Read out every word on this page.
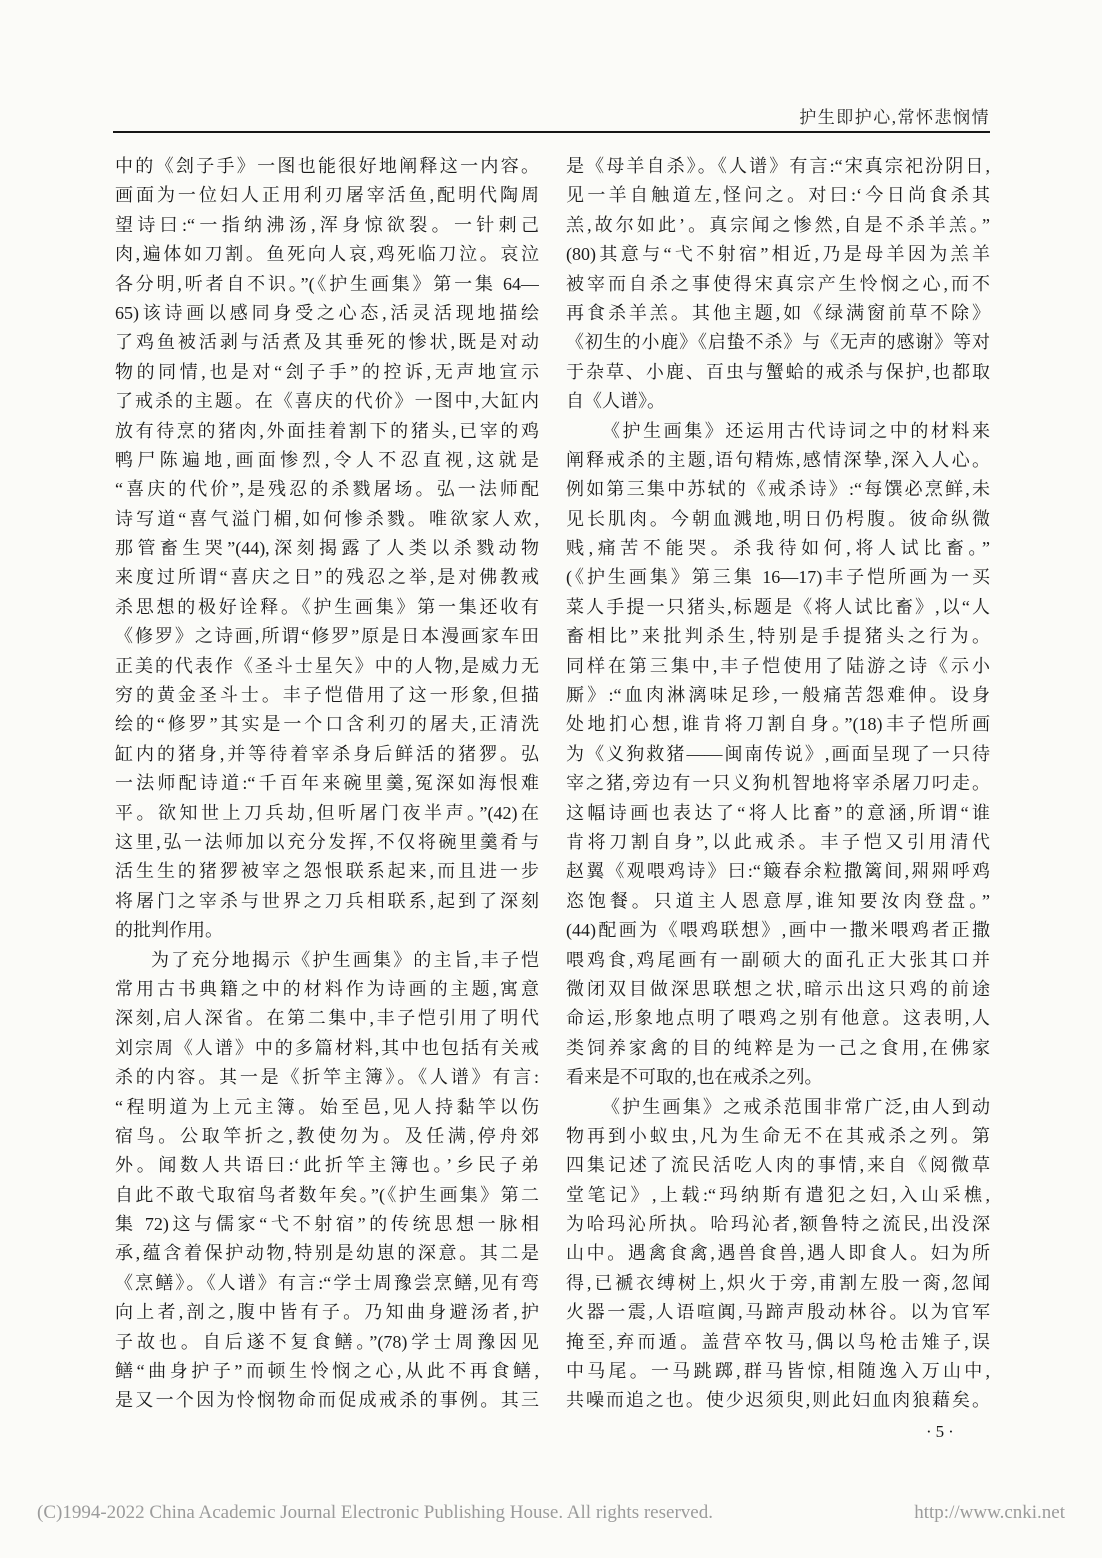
护生即护心,常怀悲悯情
中的《刽子手》一图也能很好地阐释这一内容。
画面为一位妇人正用利刃屠宰活鱼,配明代陶周
望诗曰:“一指纳沸汤,浑身惊欲裂。一针刺己
肉,遍体如刀割。鱼死向人哀,鸡死临刀泣。哀泣
各分明,听者自不识。”(《护生画集》第一集 64—
65)该诗画以感同身受之心态,活灵活现地描绘
了鸡鱼被活剥与活煮及其垂死的惨状,既是对动
物的同情,也是对“刽子手”的控诉,无声地宣示
了戒杀的主题。在《喜庆的代价》一图中,大缸内
放有待烹的猪肉,外面挂着割下的猪头,已宰的鸡
鸭尸陈遍地,画面惨烈,令人不忍直视,这就是
“喜庆的代价”,是残忍的杀戮屠场。弘一法师配
诗写道“喜气溢门楣,如何惨杀戮。唯欲家人欢,
那管畜生哭”(44),深刻揭露了人类以杀戮动物
来度过所谓“喜庆之日”的残忍之举,是对佛教戒
杀思想的极好诠释。《护生画集》第一集还收有
《修罗》之诗画,所谓“修罗”原是日本漫画家车田
正美的代表作《圣斗士星矢》中的人物,是威力无
穷的黄金圣斗士。丰子恺借用了这一形象,但描
绘的“修罗”其实是一个口含利刃的屠夫,正清洗
缸内的猪身,并等待着宰杀身后鲜活的猪猡。弘
一法师配诗道:“千百年来碗里羹,冤深如海恨难
平。欲知世上刀兵劫,但听屠门夜半声。”(42)在
这里,弘一法师加以充分发挥,不仅将碗里羹肴与
活生生的猪猡被宰之怨恨联系起来,而且进一步
将屠门之宰杀与世界之刀兵相联系,起到了深刻
的批判作用。
为了充分地揭示《护生画集》的主旨,丰子恺
常用古书典籍之中的材料作为诗画的主题,寓意
深刻,启人深省。在第二集中,丰子恺引用了明代
刘宗周《人谱》中的多篇材料,其中也包括有关戒
杀的内容。其一是《折竿主簿》。《人谱》有言:
“程明道为上元主簿。始至邑,见人持黏竿以伤
宿鸟。公取竿折之,教使勿为。及任满,停舟郊
外。闻数人共语曰:‘此折竿主簿也。’乡民子弟
自此不敢弋取宿鸟者数年矣。”(《护生画集》第二
集 72)这与儒家“弋不射宿”的传统思想一脉相
承,蕴含着保护动物,特别是幼崽的深意。其二是
《烹鳝》。《人谱》有言:“学士周豫尝烹鳝,见有弯
向上者,剖之,腹中皆有子。乃知曲身避汤者,护
子故也。自后遂不复食鳝。”(78)学士周豫因见
鳝“曲身护子”而顿生怜悯之心,从此不再食鳝,
是又一个因为怜悯物命而促成戒杀的事例。其三
是《母羊自杀》。《人谱》有言:“宋真宗祀汾阴日,
见一羊自触道左,怪问之。对曰:‘今日尚食杀其
羔,故尔如此’。真宗闻之惨然,自是不杀羊羔。”
(80)其意与“弋不射宿”相近,乃是母羊因为羔羊
被宰而自杀之事使得宋真宗产生怜悯之心,而不
再食杀羊羔。其他主题,如《绿满窗前草不除》
《初生的小鹿》《启蛰不杀》与《无声的感谢》等对
于杂草、小鹿、百虫与蟹蛤的戒杀与保护,也都取
自《人谱》。
《护生画集》还运用古代诗词之中的材料来
阐释戒杀的主题,语句精炼,感情深挚,深入人心。
例如第三集中苏轼的《戒杀诗》:“每馔必烹鲜,未
见长肌肉。今朝血溅地,明日仍枵腹。彼命纵微
贱,痛苦不能哭。杀我待如何,将人试比畜。”
(《护生画集》第三集 16—17)丰子恺所画为一买
菜人手提一只猪头,标题是《将人试比畜》,以“人
畜相比”来批判杀生,特别是手提猪头之行为。
同样在第三集中,丰子恺使用了陆游之诗《示小
厮》:“血肉淋漓味足珍,一般痛苦怨难伸。设身
处地扪心想,谁肯将刀割自身。”(18)丰子恺所画
为《义狗救猪——闽南传说》,画面呈现了一只待
宰之猪,旁边有一只义狗机智地将宰杀屠刀叼走。
这幅诗画也表达了“将人比畜”的意涵,所谓“谁
肯将刀割自身”,以此戒杀。丰子恺又引用清代
赵翼《观喂鸡诗》曰:“簸春余粒撒篱间,喌喌呼鸡
恣饱餐。只道主人恩意厚,谁知要汝肉登盘。”
(44)配画为《喂鸡联想》,画中一撒米喂鸡者正撒
喂鸡食,鸡尾画有一副硕大的面孔正大张其口并
微闭双目做深思联想之状,暗示出这只鸡的前途
命运,形象地点明了喂鸡之别有他意。这表明,人
类饲养家禽的目的纯粹是为一己之食用,在佛家
看来是不可取的,也在戒杀之列。
《护生画集》之戒杀范围非常广泛,由人到动
物再到小蚁虫,凡为生命无不在其戒杀之列。第
四集记述了流民活吃人肉的事情,来自《阅微草
堂笔记》,上载:“玛纳斯有遣犯之妇,入山采樵,
为哈玛沁所执。哈玛沁者,额鲁特之流民,出没深
山中。遇禽食禽,遇兽食兽,遇人即食人。妇为所
得,已褫衣缚树上,炽火于旁,甫割左股一脔,忽闻
火器一震,人语喧阗,马蹄声殷动林谷。以为官军
掩至,弃而遁。盖营卒牧马,偶以鸟枪击雉子,误
中马尾。一马跳踯,群马皆惊,相随逸入万山中,
共噪而追之也。使少迟须臾,则此妇血肉狼藉矣。
·5·
(C)1994-2022 China Academic Journal Electronic Publishing House. All rights reserved.	http://www.cnki.net
